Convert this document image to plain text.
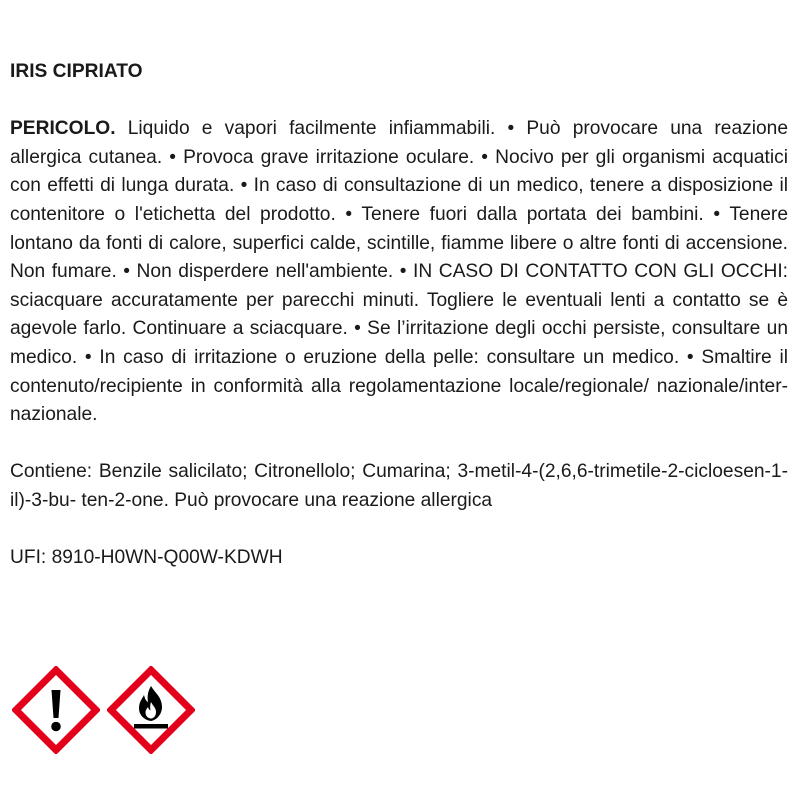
IRIS CIPRIATO

PERICOLO. Liquido e vapori facilmente infiammabili. • Può provocare una reazione allergica cutanea. • Provoca grave irritazione oculare. • Nocivo per gli organismi acquatici con effetti di lunga durata. • In caso di consultazione di un medico, tenere a disposizione il contenitore o l'etichetta del prodotto. • Tenere fuori dalla portata dei bambini. • Tenere lontano da fonti di calore, superfici calde, scintille, fiamme libere o altre fonti di accensione. Non fumare. • Non disperdere nell'ambiente. • IN CASO DI CONTATTO CON GLI OCCHI: sciacquare accuratamente per parecchi minuti. Togliere le eventuali lenti a contatto se è agevole farlo. Continuare a sciacquare. • Se l’irritazione degli occhi persiste, consultare un medico. • In caso di irritazione o eruzione della pelle: consultare un medico. • Smaltire il contenuto/recipiente in conformità alla regolamentazione locale/regionale/ nazionale/inter- nazionale.

Contiene: Benzile salicilato; Citronellolo; Cumarina; 3-metil-4-(2,6,6-trimetile-2-cicloesen-1-il)-3-bu- ten-2-one. Può provocare una reazione allergica

UFI: 8910-H0WN-Q00W-KDWH
